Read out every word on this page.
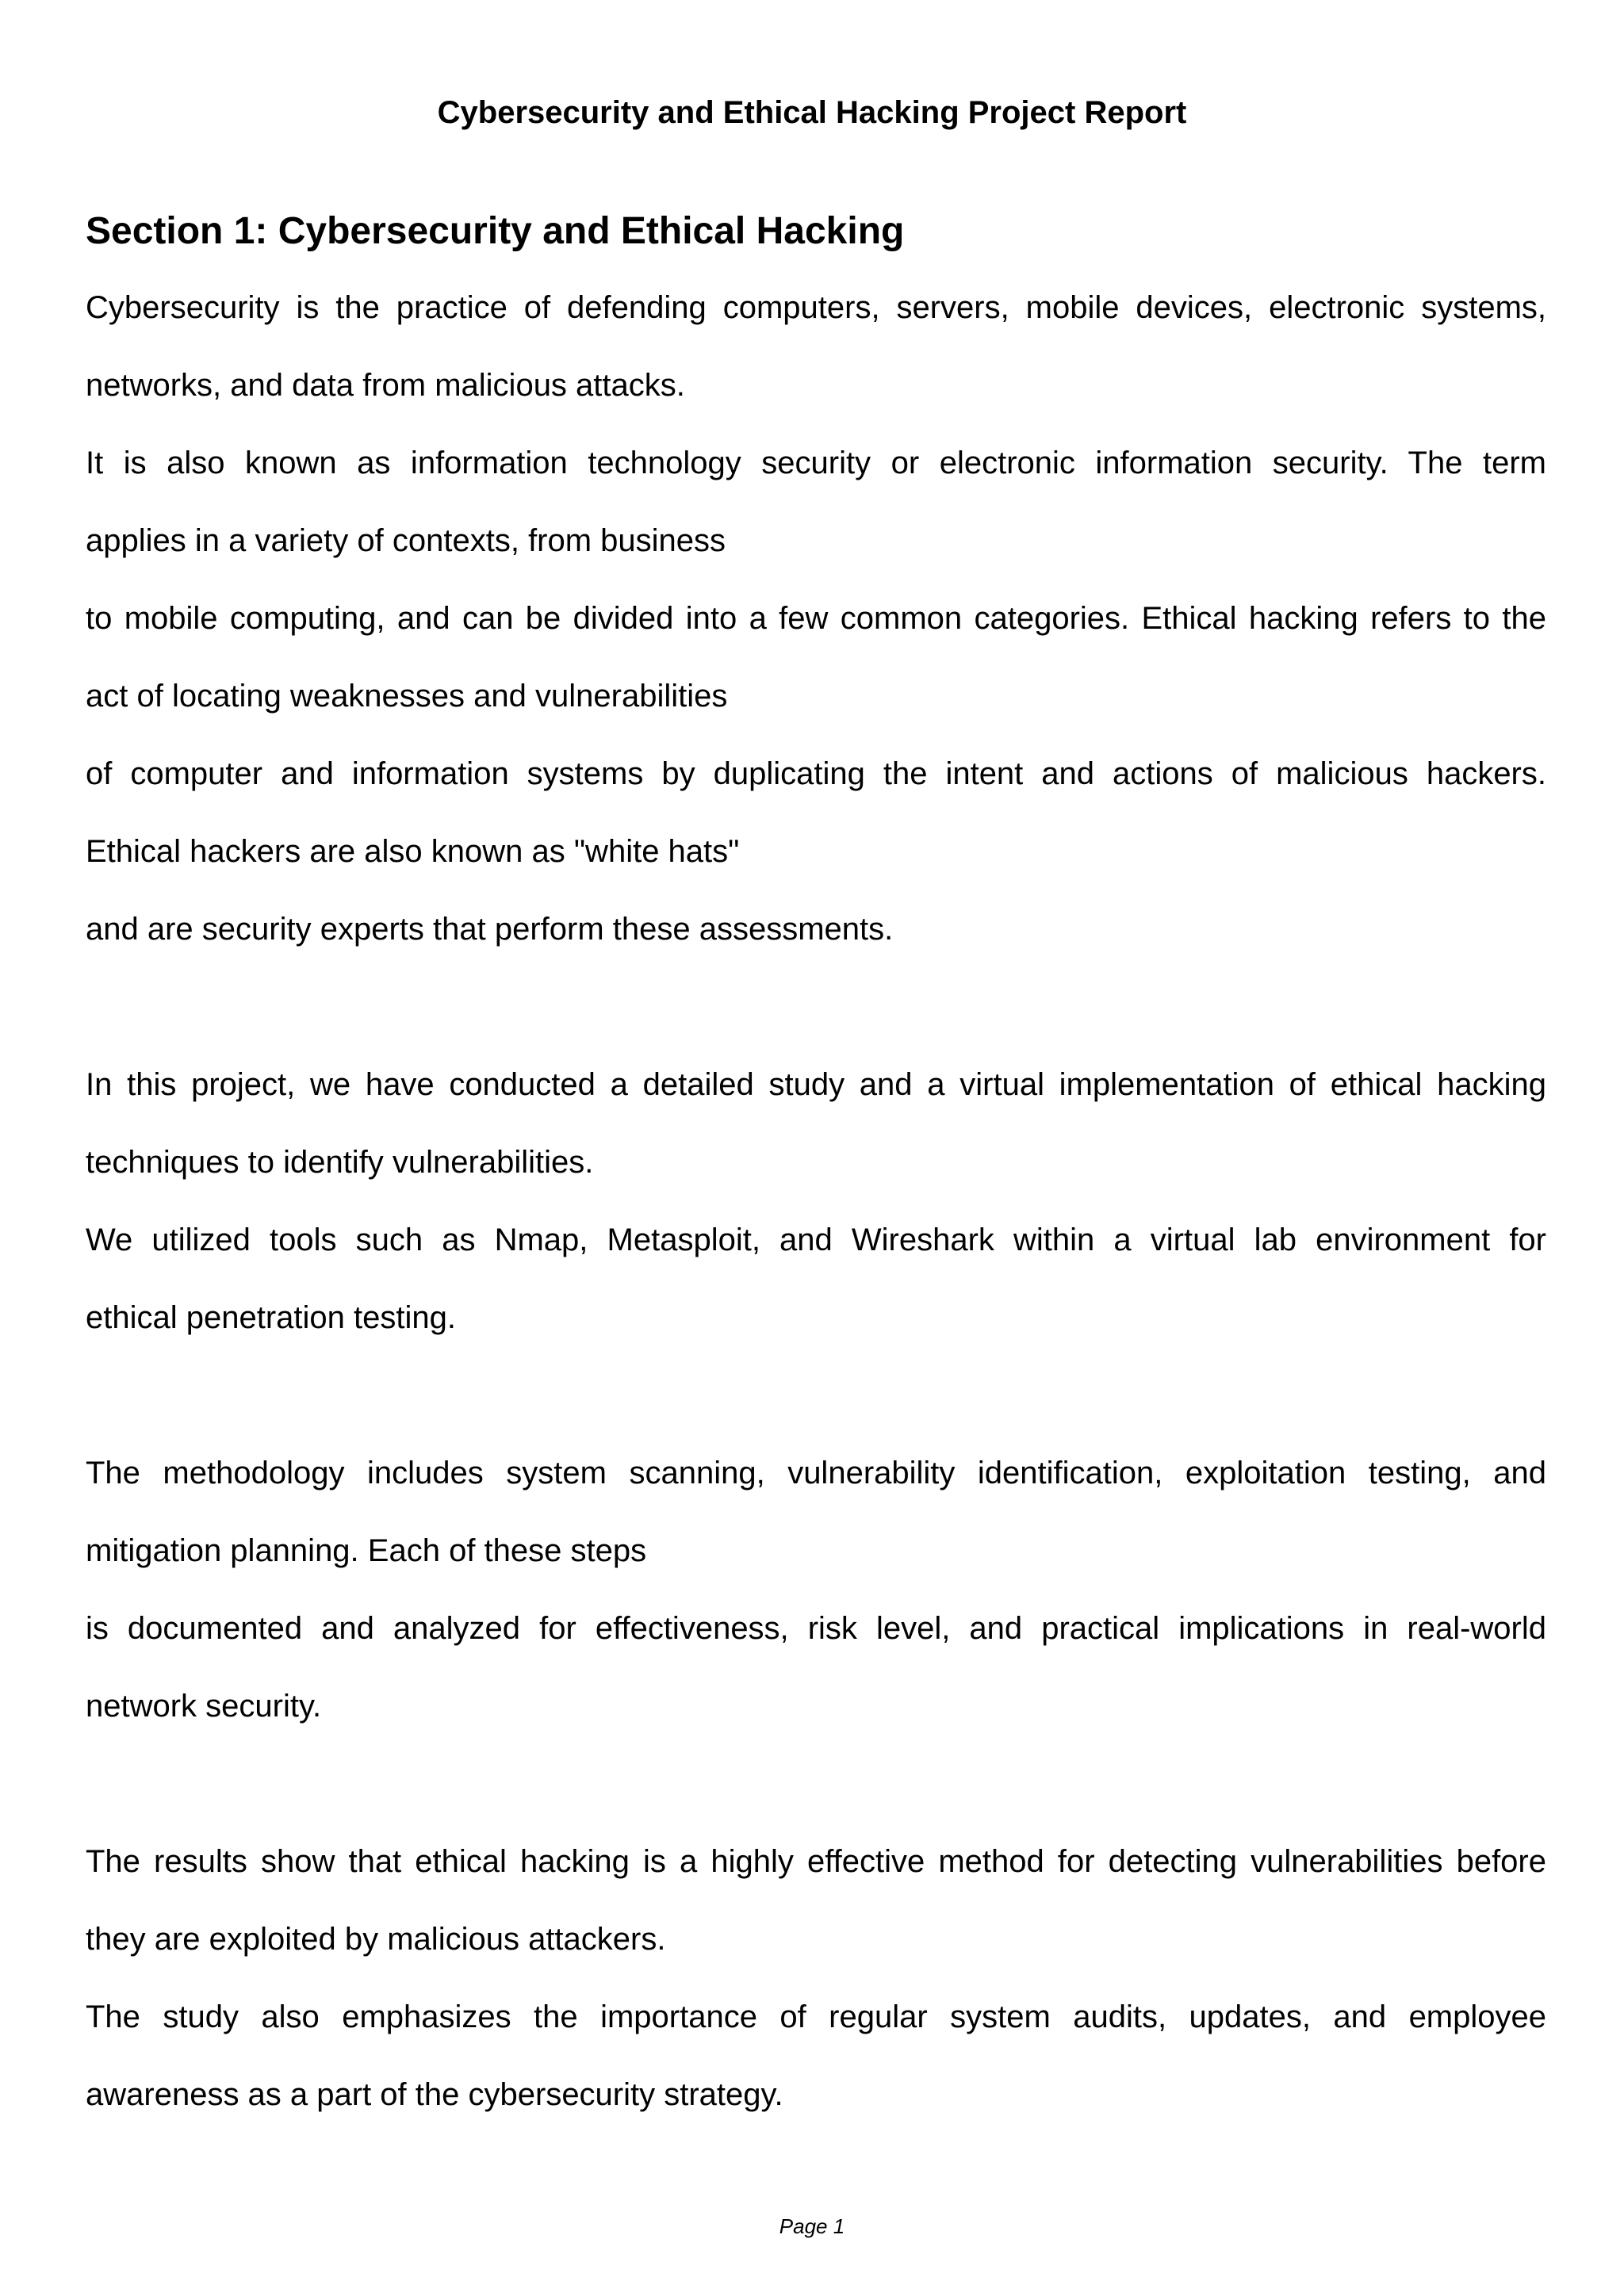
Cybersecurity and Ethical Hacking Project Report
Section 1: Cybersecurity and Ethical Hacking
Cybersecurity is the practice of defending computers, servers, mobile devices, electronic systems,
networks, and data from malicious attacks.
It is also known as information technology security or electronic information security. The term
applies in a variety of contexts, from business
to mobile computing, and can be divided into a few common categories. Ethical hacking refers to the
act of locating weaknesses and vulnerabilities
of computer and information systems by duplicating the intent and actions of malicious hackers.
Ethical hackers are also known as "white hats"
and are security experts that perform these assessments.
In this project, we have conducted a detailed study and a virtual implementation of ethical hacking
techniques to identify vulnerabilities.
We utilized tools such as Nmap, Metasploit, and Wireshark within a virtual lab environment for
ethical penetration testing.
The methodology includes system scanning, vulnerability identification, exploitation testing, and
mitigation planning. Each of these steps
is documented and analyzed for effectiveness, risk level, and practical implications in real-world
network security.
The results show that ethical hacking is a highly effective method for detecting vulnerabilities before
they are exploited by malicious attackers.
The study also emphasizes the importance of regular system audits, updates, and employee
awareness as a part of the cybersecurity strategy.
Page 1
